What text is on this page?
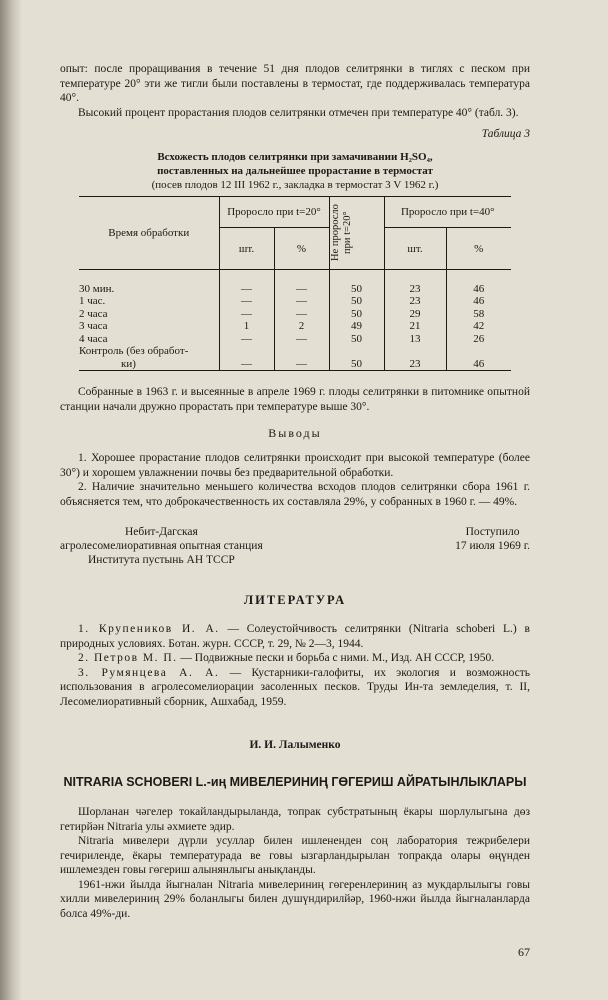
опыт: после проращивания в течение 51 дня плодов селитрянки в тиглях с песком при температуре 20° эти же тигли были поставлены в термостат, где поддерживалась температура 40°.

Высокий процент прорастания плодов селитрянки отмечен при температуре 40° (табл. 3).

Таблица 3
Всхожесть плодов селитрянки при замачивании H₂SO₄,
поставленных на дальнейшее прорастание в термостат
(посев плодов 12 III 1962 г., закладка в термостат 3 V 1962 г.)
Время обработки	Проросло при t=20°		Не проросло при t=20°	Проросло при t=40°	
	шт.	%		шт.	%

30 мин.	—	—	50	23	46
1 час.	—	—	50	23	46
2 часа	—	—	50	29	58
3 часа	1	2	49	21	42
4 часа	—	—	50	13	26
Контроль (без обработ-					
ки)	—	—	50	23	46

Собранные в 1963 г. и высеянные в апреле 1969 г. плоды селитрянки в питомнике опытной станции начали дружно прорастать при температуре выше 30°.

Выводы

1. Хорошее прорастание плодов селитрянки происходит при высокой температуре (более 30°) и хорошем увлажнении почвы без предварительной обработки.

2. Наличие значительно меньшего количества всходов плодов селитрянки сбора 1961 г. объясняется тем, что доброкачественность их составляла 29%, у собранных в 1960 г. — 49%.

Небит-Дагская
агролесомелиоративная опытная станция
Института пустынь АН ТССР
Поступило
17 июля 1969 г.
ЛИТЕРАТУРА

1. Крупеников И. А. — Солеустойчивость селитрянки (Nitraria schoberi L.) в природных условиях. Ботан. журн. СССР, т. 29, № 2—3, 1944.

2. Петров М. П. — Подвижные пески и борьба с ними. М., Изд. АН СССР, 1950.

3. Румянцева А. А. — Кустарники-галофиты, их экология и возможность использования в агролесомелиорации засоленных песков. Труды Ин-та земледелия, т. II, Лесомелиоративный сборник, Ашхабад, 1959.

И. И. Лалыменко
NITRARIA SCHOBERI L.-иң МИВЕЛЕРИНИҢ ГӨГЕРИШ АЙРАТЫНЛЫКЛАРЫ

Шорланан чәгелер токайландырыланда, топрак субстратының ёкары шорлулыгына дөз гетирйән Nitraria улы әхмиете эдир.

Nitraria мивелери дүрли усуллар билен ишлененден соң лаборатория тежрибелери гечириленде, ёкары температурада ве говы ызгарландырылан топракда олары өңүнден ишлемезден говы гөгериш алынянлыгы анықланды.

1961-нжи йылда йыгналан Nitraria мивелериниң гөгеренлериниң аз мукдарлылыгы говы хилли мивелериниң 29% боланлыгы билен душүндирилйәр, 1960-нжи йылда йыгналанларда болса 49%-ди.

67
